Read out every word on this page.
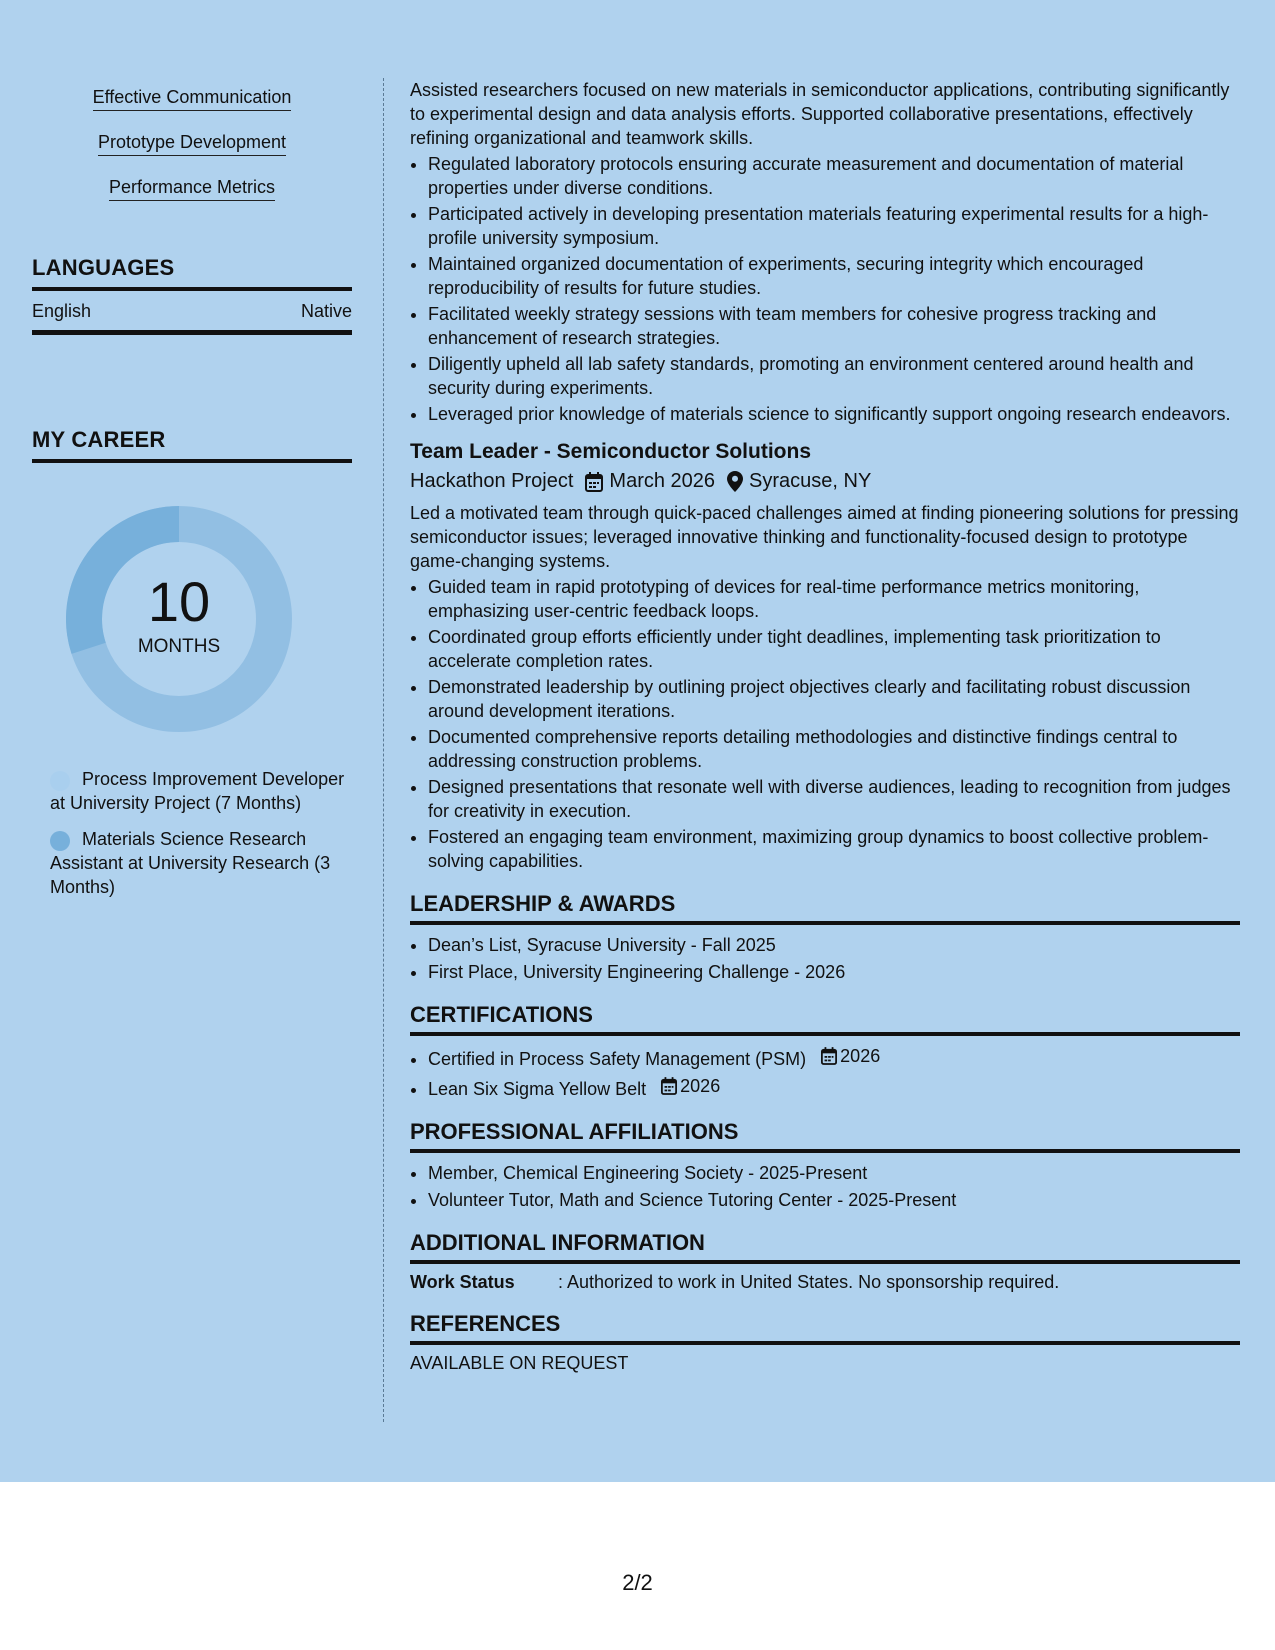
Effective Communication
Prototype Development
Performance Metrics
LANGUAGES
English	Native
MY CAREER
10
MONTHS
Process Improvement Developer at University Project (7 Months)
Materials Science Research Assistant at University Research (3 Months)

Assisted researchers focused on new materials in semiconductor applications, contributing significantly to experimental design and data analysis efforts. Supported collaborative presentations, effectively refining organizational and teamwork skills.

• Regulated laboratory protocols ensuring accurate measurement and documentation of material properties under diverse conditions.
• Participated actively in developing presentation materials featuring experimental results for a high-profile university symposium.
• Maintained organized documentation of experiments, securing integrity which encouraged reproducibility of results for future studies.
• Facilitated weekly strategy sessions with team members for cohesive progress tracking and enhancement of research strategies.
• Diligently upheld all lab safety standards, promoting an environment centered around health and security during experiments.
• Leveraged prior knowledge of materials science to significantly support ongoing research endeavors.
Team Leader - Semiconductor Solutions
Hackathon Project March 2026 Syracuse, NY

Led a motivated team through quick-paced challenges aimed at finding pioneering solutions for pressing semiconductor issues; leveraged innovative thinking and functionality-focused design to prototype game-changing systems.

• Guided team in rapid prototyping of devices for real-time performance metrics monitoring, emphasizing user-centric feedback loops.
• Coordinated group efforts efficiently under tight deadlines, implementing task prioritization to accelerate completion rates.
• Demonstrated leadership by outlining project objectives clearly and facilitating robust discussion around development iterations.
• Documented comprehensive reports detailing methodologies and distinctive findings central to addressing construction problems.
• Designed presentations that resonate well with diverse audiences, leading to recognition from judges for creativity in execution.
• Fostered an engaging team environment, maximizing group dynamics to boost collective problem-solving capabilities.
LEADERSHIP & AWARDS
• Dean’s List, Syracuse University - Fall 2025
• First Place, University Engineering Challenge - 2026
CERTIFICATIONS
• Certified in Process Safety Management (PSM) 2026
• Lean Six Sigma Yellow Belt 2026
PROFESSIONAL AFFILIATIONS
• Member, Chemical Engineering Society - 2025-Present
• Volunteer Tutor, Math and Science Tutoring Center - 2025-Present
ADDITIONAL INFORMATION
Work Status	: Authorized to work in United States. No sponsorship required.
REFERENCES
AVAILABLE ON REQUEST
2/2
